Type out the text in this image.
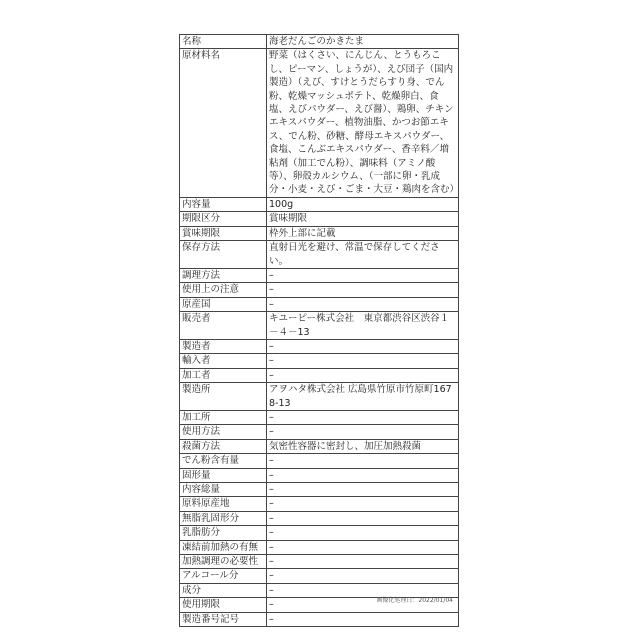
名称	海老だんごのかきたま
原材料名	野菜（はくさい、にんじん、とうもろこし、ピーマン、しょうが）、えび団子（国内製造）（えび、すけとうだらすり身、でん粉、乾燥マッシュポテト、乾燥卵白、食塩、えびパウダー、えび醤）、鶏卵、チキンエキスパウダー、植物油脂、かつお節エキス、でん粉、砂糖、酵母エキスパウダー、食塩、こんぶエキスパウダー、香辛料／増粘剤（加工でん粉）、調味料（アミノ酸等）、卵殻カルシウム、（一部に卵・乳成分・小麦・えび・ごま・大豆・鶏肉を含む）
内容量	100g
期限区分	賞味期限
賞味期限	枠外上部に記載
保存方法	直射日光を避け、常温で保存してください。
調理方法	–
使用上の注意	–
原産国	–
販売者	キユーピー株式会社　東京都渋谷区渋谷１－４－13
製造者	–
輸入者	–
加工者	–
製造所	アヲハタ株式会社 広島県竹原市竹原町1678-13
加工所	–
使用方法	–
殺菌方法	気密性容器に密封し、加圧加熱殺菌
でん粉含有量	–
固形量	–
内容総量	–
原料原産地	–
無脂乳固形分	–
乳脂肪分	–
凍結前加熱の有無	–
加熱調理の必要性	–
アルコール分	–
成分	–
使用期限	–
製造番号記号	–
画像化処理日：2022/01/04
